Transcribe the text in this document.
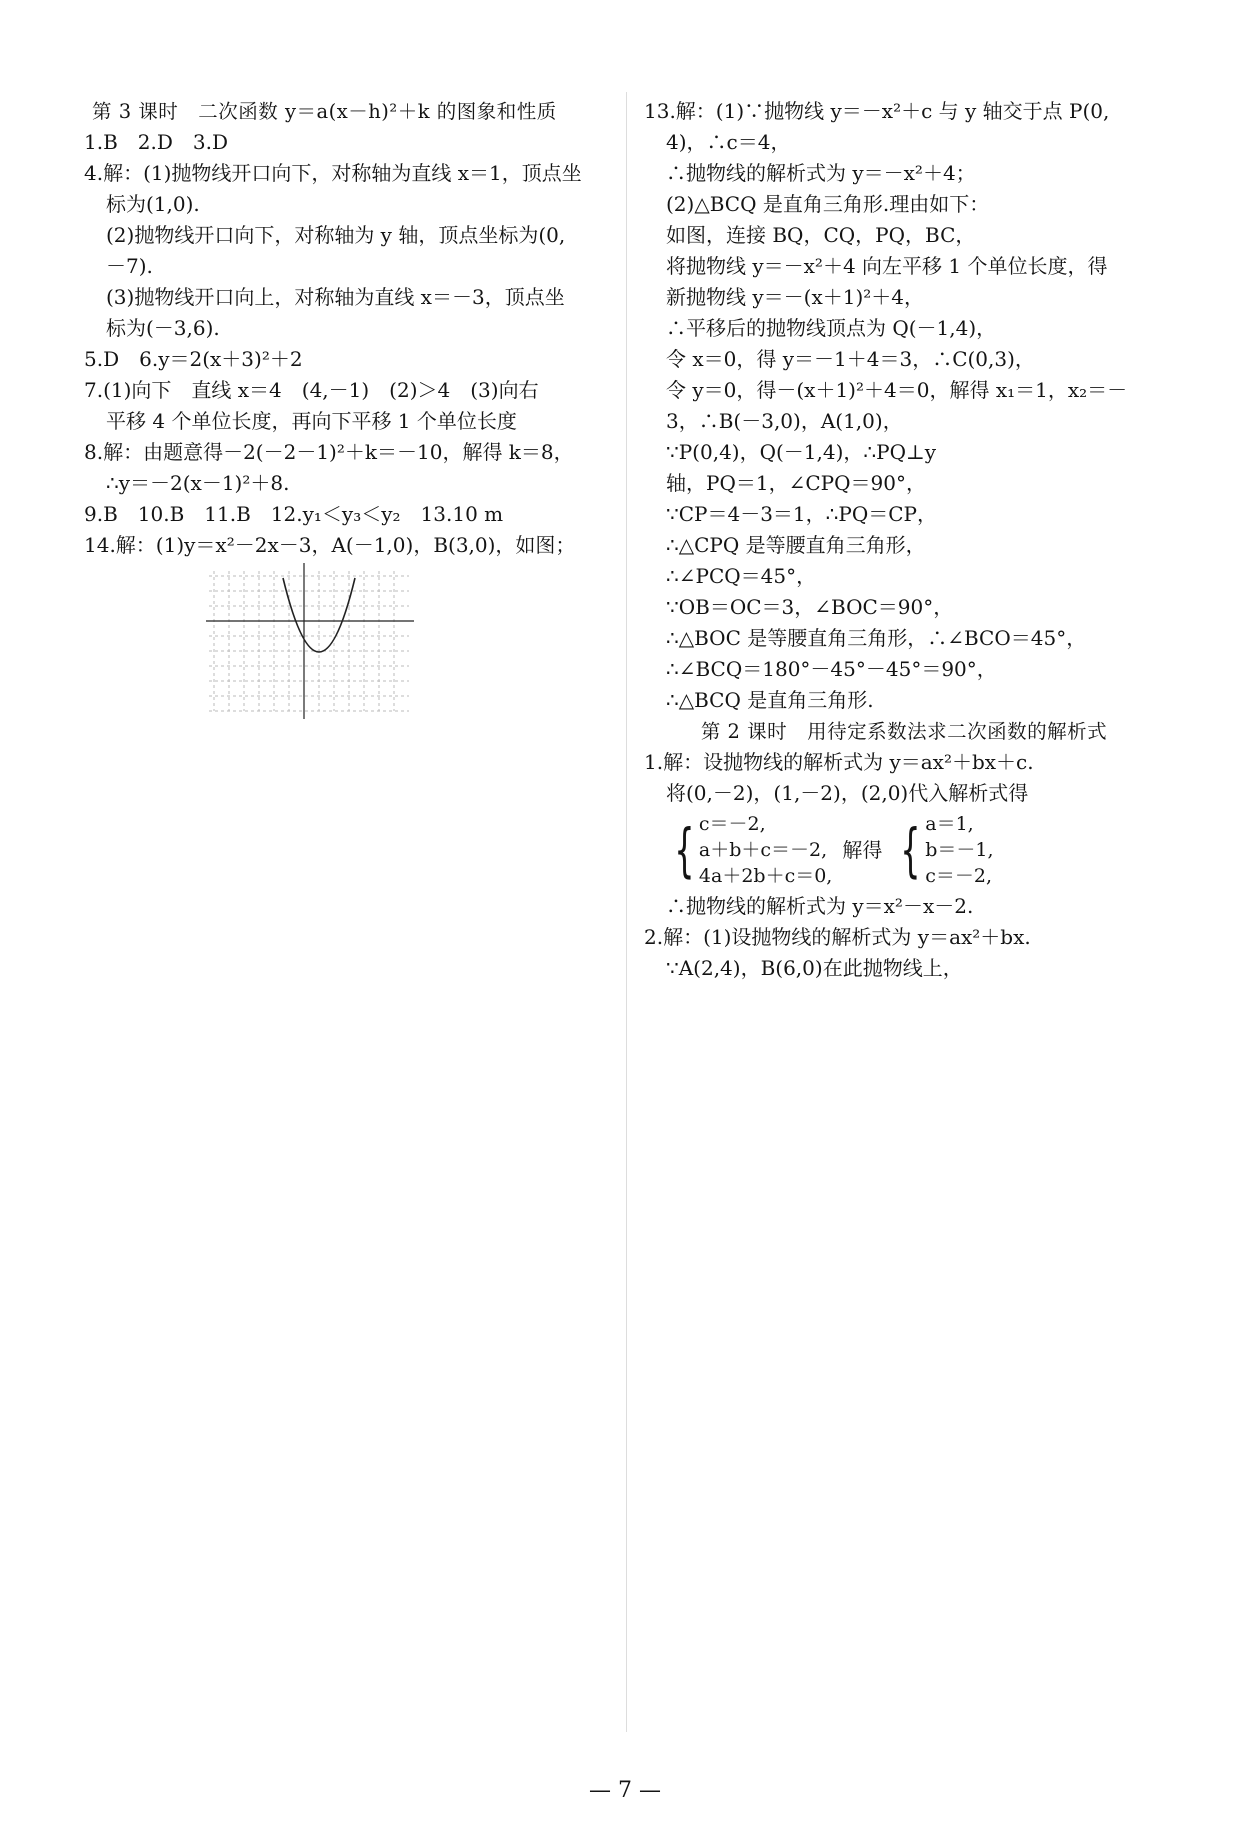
第 3 课时　二次函数 y＝a(x－h)²＋k 的图象和性质
1.B　2.D　3.D
4.解：(1)抛物线开口向下，对称轴为直线 x＝1，顶点坐
标为(1,0).
(2)抛物线开口向下，对称轴为 y 轴，顶点坐标为(0,
－7).
(3)抛物线开口向上，对称轴为直线 x＝－3，顶点坐
标为(－3,6).
5.D　6.y＝2(x＋3)²＋2
7.(1)向下　直线 x＝4　(4,－1)　(2)＞4　(3)向右
平移 4 个单位长度，再向下平移 1 个单位长度
8.解：由题意得－2(－2－1)²＋k＝－10，解得 k＝8，
∴y＝－2(x－1)²＋8.
9.B　10.B　11.B　12.y₁＜y₃＜y₂　13.10 m
14.解：(1)y＝x²－2x－3，A(－1,0)，B(3,0)，如图；
13.解：(1)∵抛物线 y＝－x²＋c 与 y 轴交于点 P(0,
4)，∴c＝4，
∴抛物线的解析式为 y＝－x²＋4；
(2)△BCQ 是直角三角形.理由如下：
如图，连接 BQ，CQ，PQ，BC，
将抛物线 y＝－x²＋4 向左平移 1 个单位长度，得
新抛物线 y＝－(x＋1)²＋4，
∴平移后的抛物线顶点为 Q(－1,4)，
令 x＝0，得 y＝－1＋4＝3，∴C(0,3)，
令 y＝0，得－(x＋1)²＋4＝0，解得 x₁＝1，x₂＝－
3，∴B(－3,0)，A(1,0)，
∵P(0,4)，Q(－1,4)，∴PQ⊥y
轴，PQ＝1，∠CPQ＝90°，
∵CP＝4－3＝1，∴PQ＝CP，
∴△CPQ 是等腰直角三角形，
∴∠PCQ＝45°，
∵OB＝OC＝3，∠BOC＝90°，
∴△BOC 是等腰直角三角形，∴∠BCO＝45°，
∴∠BCQ＝180°－45°－45°＝90°，
∴△BCQ 是直角三角形.
第 2 课时　用待定系数法求二次函数的解析式
1.解：设抛物线的解析式为 y＝ax²＋bx＋c.
将(0,－2)，(1,－2)，(2,0)代入解析式得
{ c＝－2,
a＋b＋c＝－2,
4a＋2b＋c＝0,
解得 { a＝1,
b＝－1,
c＝－2,
∴抛物线的解析式为 y＝x²－x－2.
2.解：(1)设抛物线的解析式为 y＝ax²＋bx.
∵A(2,4)，B(6,0)在此抛物线上，
— 7 —
